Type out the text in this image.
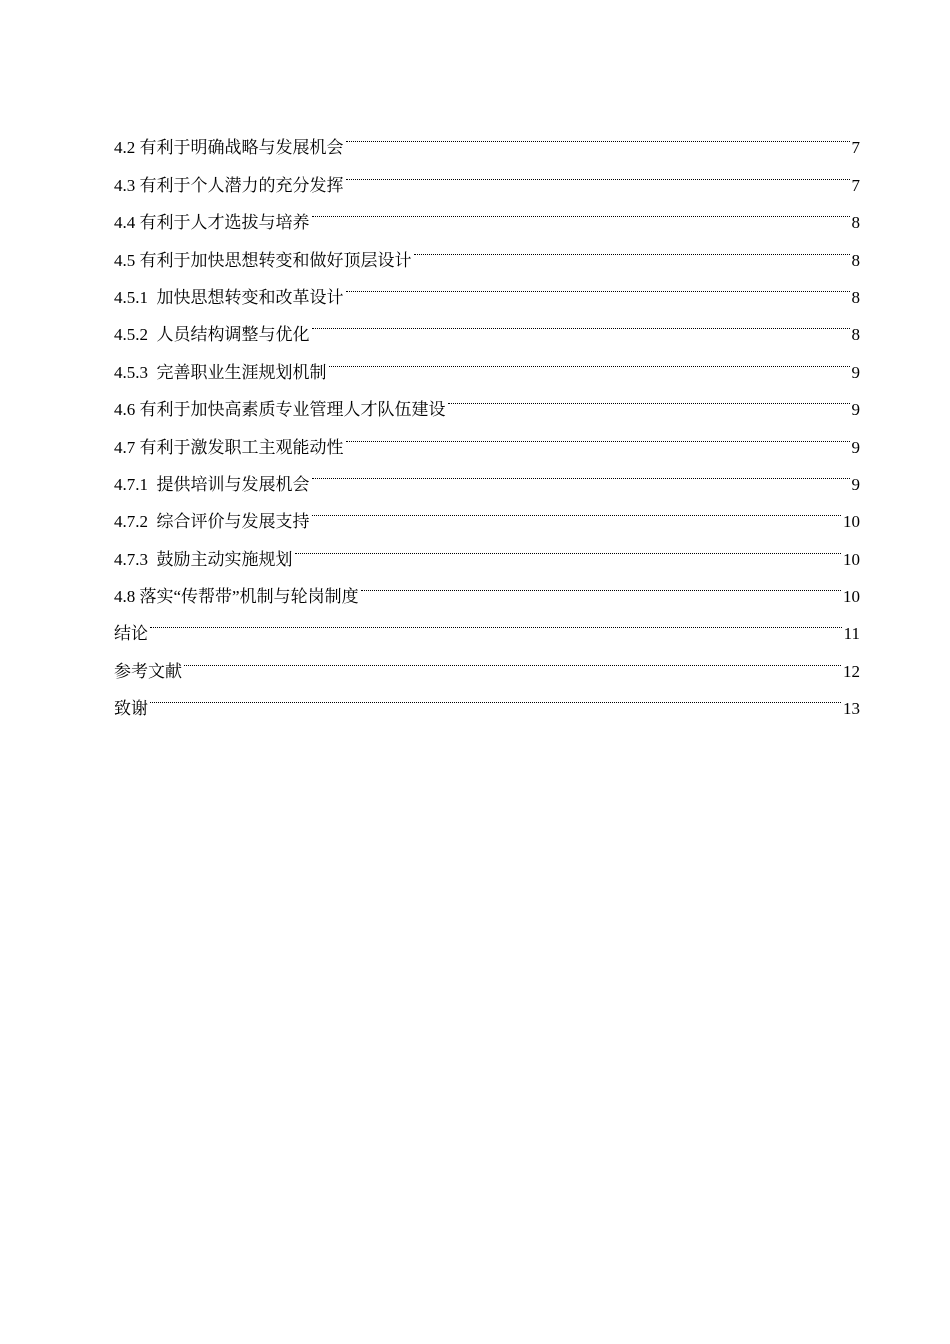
4.2 有利于明确战略与发展机会	7
4.3 有利于个人潜力的充分发挥	7
4.4 有利于人才选拔与培养	8
4.5 有利于加快思想转变和做好顶层设计	8
4.5.1 加快思想转变和改革设计	8
4.5.2 人员结构调整与优化	8
4.5.3 完善职业生涯规划机制	9
4.6 有利于加快高素质专业管理人才队伍建设	9
4.7 有利于激发职工主观能动性	9
4.7.1 提供培训与发展机会	9
4.7.2 综合评价与发展支持	10
4.7.3 鼓励主动实施规划	10
4.8 落实“传帮带”机制与轮岗制度	10
结论	11
参考文献	12
致谢	13
